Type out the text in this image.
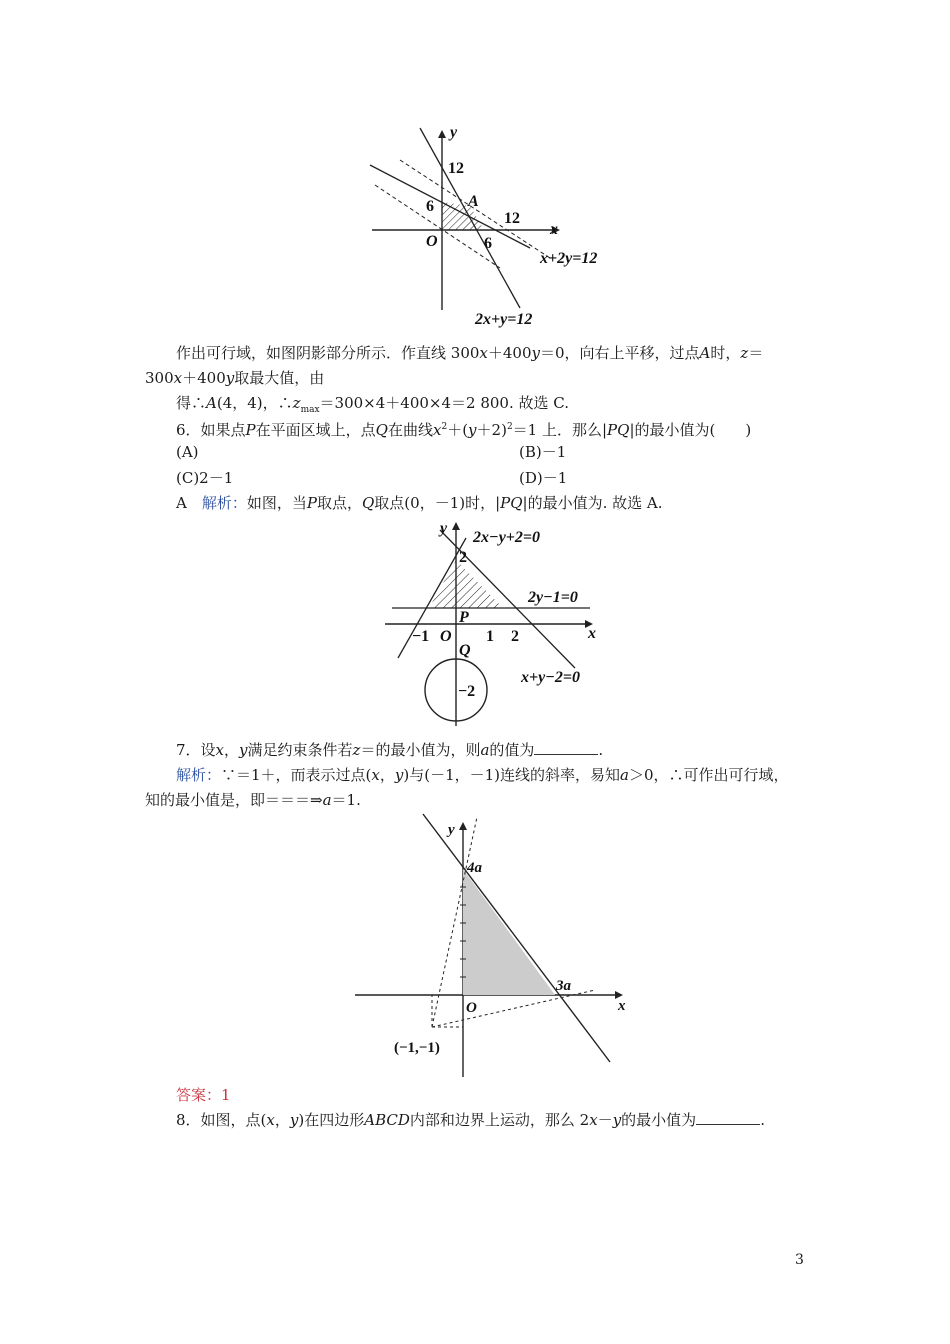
y
x
O
12
6
6
12
A
x+2y=12
2x+y=12
作出可行域，如图阴影部分所示．作直线 300x＋400y＝0，向右上平移，过点A时，z＝
300x＋400y取最大值，由
得∴A(4，4)，$\therefore z_{max}=300\times 4+400\times 4=2$ 800. 故选 C.
6．如果点P在平面区域上，点Q在曲线$x^2+(y+2)^2=1$ 上．那么|PQ|的最小值为(　　)
(A)	(B)－1
(C)2－1	(D)－1
A　解析：如图，当P取点，Q取点(0，－1)时，|PQ|的最小值为. 故选 A.
y
x
O
2
−1	1 2
P
Q
−2
2x−y+2=0
2y−1=0
x+y−2=0
7．设x，y满足约束条件若z＝的最小值为，则a的值为	.
解析：∵＝1＋，而表示过点(x，y)与(－1，－1)连线的斜率，易知a＞0，∴可作出可行域，
知的最小值是，即＝＝＝⇒a＝1.
y
x
O
4a
3a
(−1,−1)
答案：1
8．如图，点(x，y)在四边形ABCD内部和边界上运动，那么 2x－y的最小值为	.
3
